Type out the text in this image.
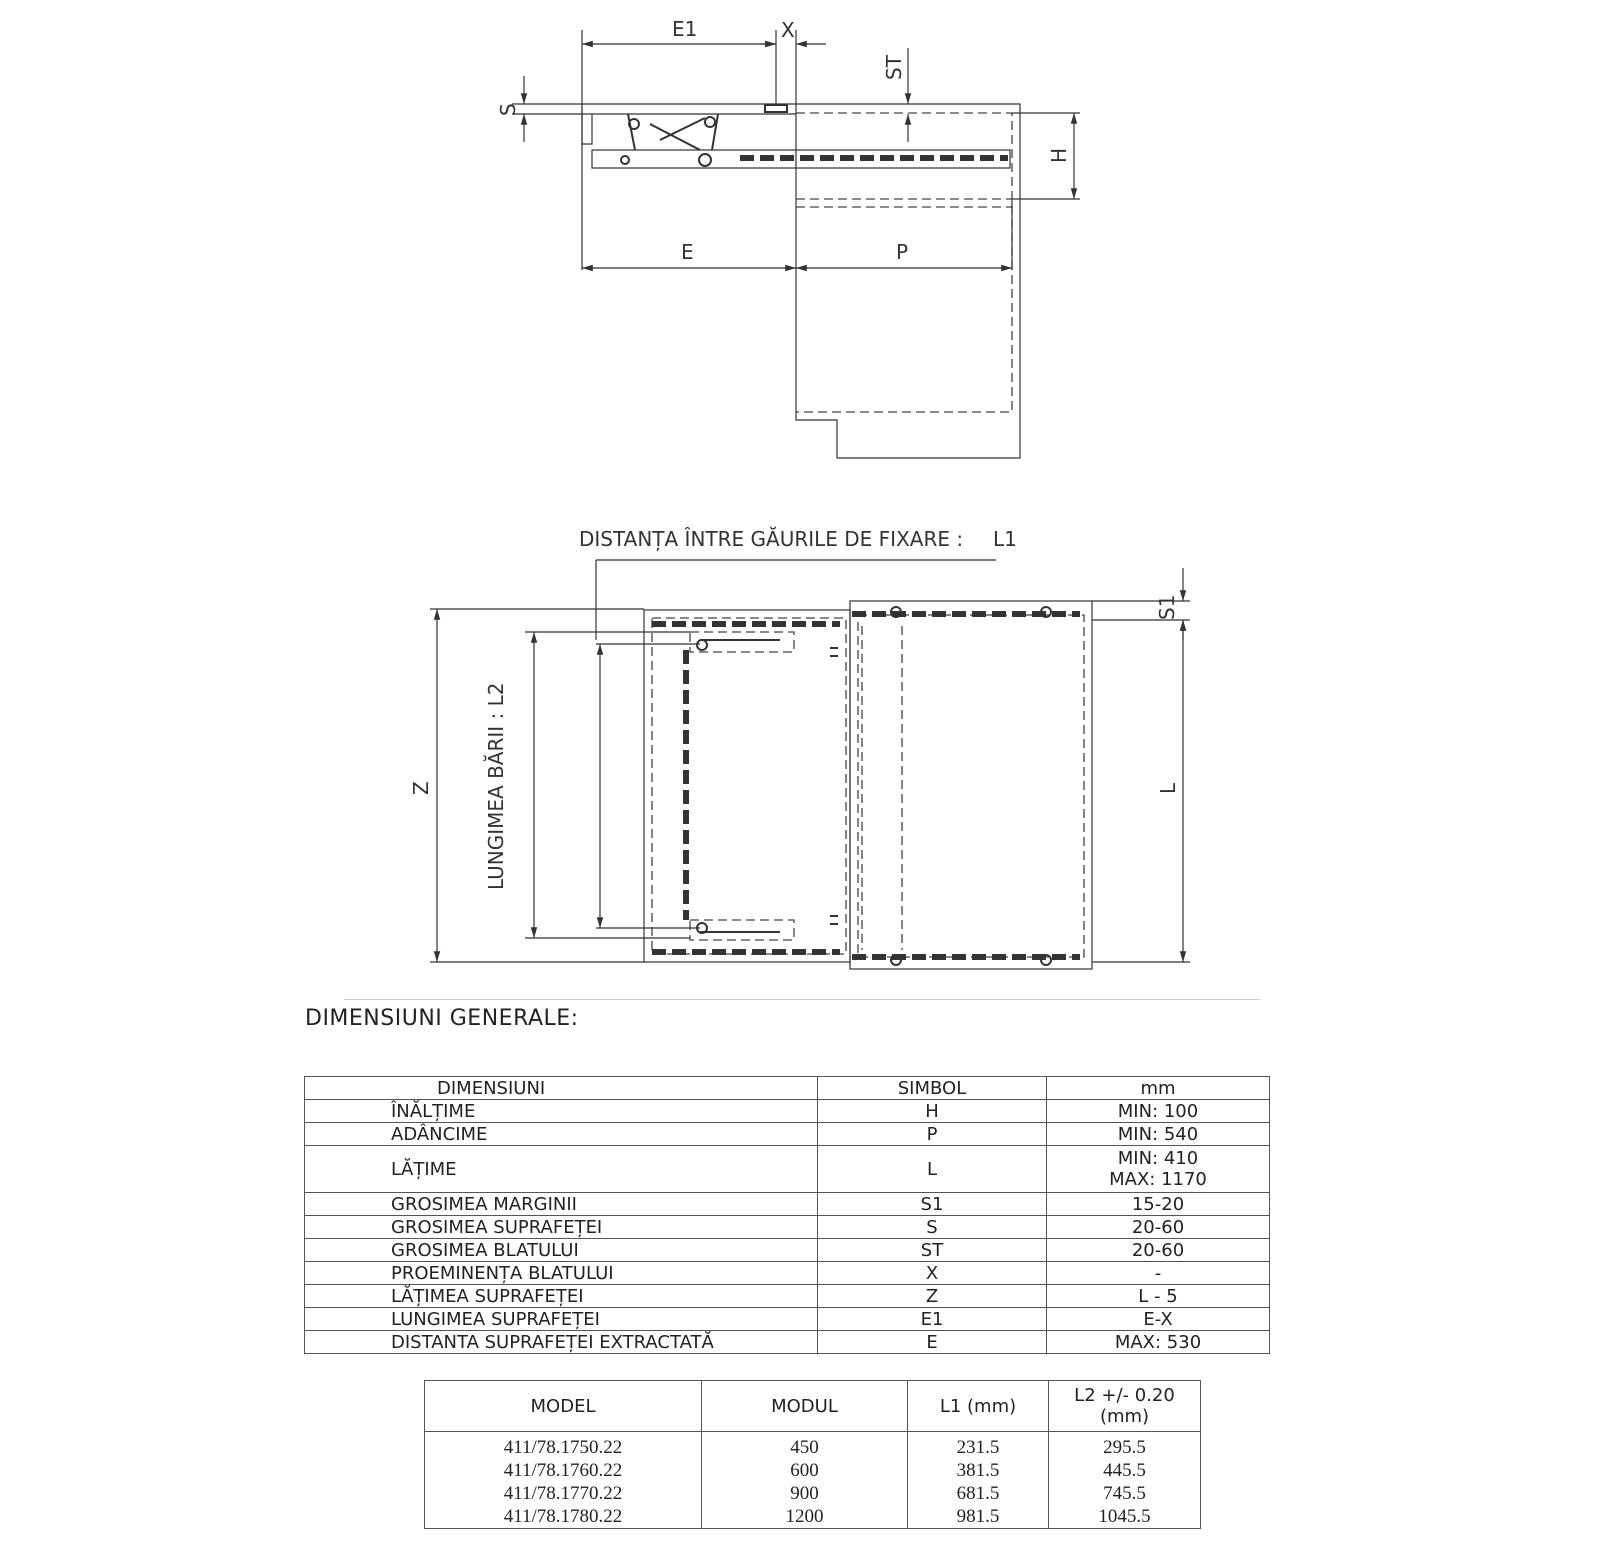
E1	X
ST
S
H
E	P
DISTANȚA ÎNTRE GĂURILE DE FIXARE : L1
Z	LUNGIMEA BĂRII : L2	L
S1
DIMENSIUNI GENERALE:
DIMENSIUNI	SIMBOL	mm
ÎNĂLȚIME	H	MIN: 100
ADÂNCIME	P	MIN: 540
LĂȚIME	L	MIN: 410
MAX: 1170

GROSIMEA MARGINII	S1	15-20
GROSIMEA SUPRAFEȚEI	S	20-60
GROSIMEA BLATULUI	ST	20-60
PROEMINENȚA BLATULUI	X	-
LĂȚIMEA SUPRAFEȚEI	Z	L - 5
LUNGIMEA SUPRAFEȚEI	E1	E-X
DISTANTA SUPRAFEȚEI EXTRACTATĂ	E	MAX: 530
MODEL	MODUL	L1 (mm)	L2 +/- 0.20 (mm)
411/78.1750.22	450	231.5	295.5
411/78.1760.22	600	381.5	445.5
411/78.1770.22	900	681.5	745.5
411/78.1780.22	1200	981.5	1045.5
